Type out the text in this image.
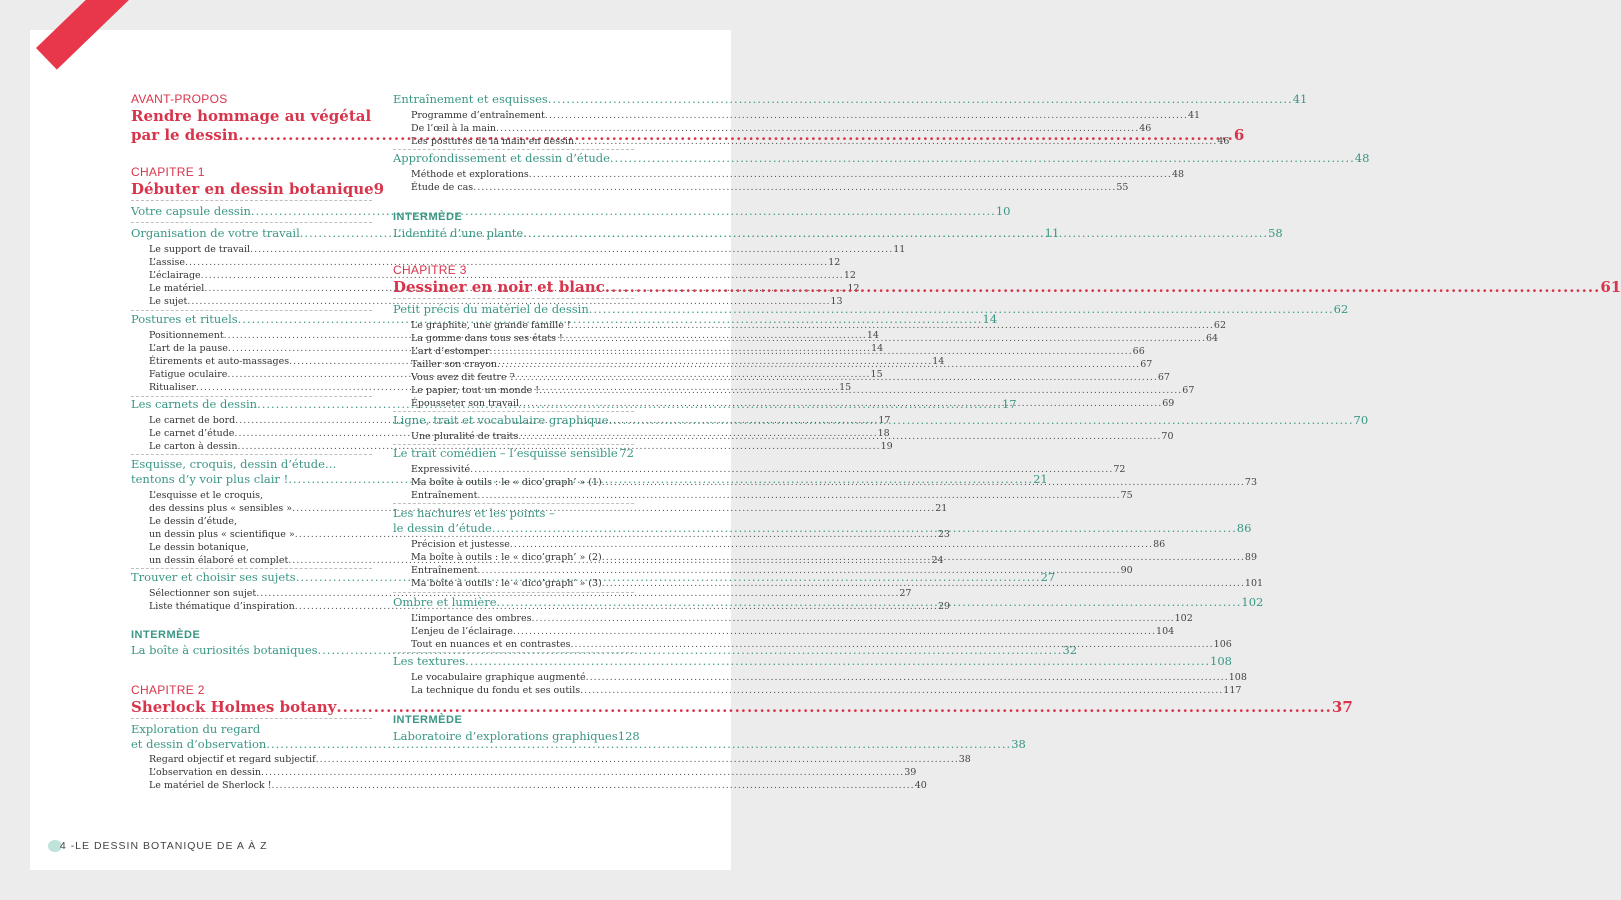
SOMMAIRE AVANT-PROPOS
Rendre hommage au végétal
par le dessin .....	6
CHAPITRE 1
Débuter en dessin botanique 9
Votre capsule dessin .....	10
Organisation de votre travail .....	11
Le support de travail .....	11
L’assise .....	12
L’éclairage .....	12
Le matériel .....	12
Le sujet .....	13
Postures et rituels .....	14
Positionnement .....	14
L’art de la pause .....	14
Étirements et auto-massages .....	14
Fatigue oculaire .....	15
Ritualiser .....	15
Les carnets de dessin .....	17
Le carnet de bord .....	17
Le carnet d’étude .....	18
Le carton à dessin .....	19
Esquisse, croquis, dessin d’étude…
tentons d’y voir plus clair ! .....	21
L’esquisse et le croquis,
des dessins plus « sensibles » .....	21
Le dessin d’étude,
un dessin plus « scientifique » .....	23
Le dessin botanique,
un dessin élaboré et complet .....	24
Trouver et choisir ses sujets .....	27
Sélectionner son sujet .....	27
Liste thématique d’inspiration .....	29
INTERMÈDE
La boîte à curiosités botaniques .....	32
CHAPITRE 2
Sherlock Holmes botany .....	37
Exploration du regard
et dessin d’observation .....	38
Regard objectif et regard subjectif .....	38
L’observation en dessin .....	39
Le matériel de Sherlock ! .....	40
Entraînement et esquisses .....	41
Programme d’entraînement .....	41
De l’œil à la main .....	46
Les postures de la main en dessin .....	46
Approfondissement et dessin d’étude .....	48
Méthode et explorations .....	48
Étude de cas .....	55
INTERMÈDE
L’identité d’une plante .....	58
CHAPITRE 3
Dessiner en noir et blanc .....	61
Petit précis du matériel de dessin .....	62
Le graphite, une grande famille ! .....	62
La gomme dans tous ses états ! .....	64
L’art d’estomper .....	66
Tailler son crayon .....	67
Vous avez dit feutre ? .....	67
Le papier, tout un monde ! .....	67
Épousseter son travail .....	69
Ligne, trait et vocabulaire graphique .....	70
Une pluralité de traits .....	70
Le trait comédien – l’esquisse sensible ..... 72
Expressivité .....	72
Ma boîte à outils : le « dico’graph’ » (1) .....	73
Entraînement .....	75
Les hachures et les points –
le dessin d’étude .....	86
Précision et justesse .....	86
Ma boîte à outils : le « dico’graph’ » (2) .....	89
Entraînement .....	90
Ma boîte à outils : le « dico’graph’ » (3) .....	101
Ombre et lumière .....	102
L’importance des ombres .....	102
L’enjeu de l’éclairage .....	104
Tout en nuances et en contrastes .....	106
Les textures .....	108
Le vocabulaire graphique augmenté .....	108
La technique du fondu et ses outils .....	117
INTERMÈDE
Laboratoire d’explorations graphiques 128
4 -LE DESSIN BOTANIQUE DE A À Z
